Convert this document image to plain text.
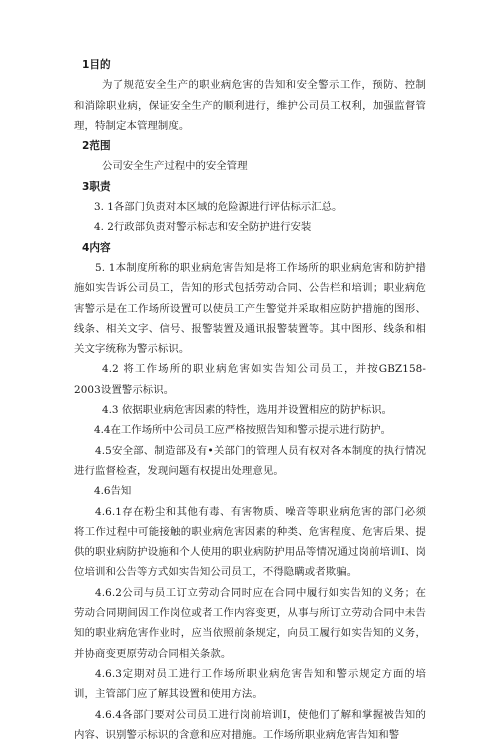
1目的

为了规范安全生产的职业病危害的告知和安全警示工作，预防、控制和消除职业病，保证安全生产的顺利进行，维护公司员工权利，加强监督管理，特制定本管理制度。

2范围

公司安全生产过程中的安全管理

3职责

3. 1各部门负责对本区域的危险源进行评估标示汇总。

4. 2行政部负责对警示标志和安全防护进行安装

4内容

5. 1本制度所称的职业病危害告知是将工作场所的职业病危害和防护措施如实告诉公司员工，告知的形式包括劳动合同、公告栏和培训；职业病危害警示是在工作场所设置可以使员工产生警觉并采取相应防护措施的图形、线条、相关文字、信号、报警装置及通讯报警装置等。其中图形、线条和相关文字统称为警示标识。

4.2 将工作场所的职业病危害如实告知公司员工，并按GBZ158-2003设置警示标识。

4.3 依据职业病危害因素的特性，选用并设置相应的防护标识。

4.4在工作场所中公司员工应严格按照告知和警示提示进行防护。

4.5安全部、制造部及有•关部门的管理人员有权对各本制度的执行情况进行监督检查，发现问题有权提出处理意见。

4.6告知

4.6.1存在粉尘和其他有毒、有害物质、噪音等职业病危害的部门必须将工作过程中可能接触的职业病危害因素的种类、危害程度、危害后果、提供的职业病防护设施和个人使用的职业病防护用品等情况通过岗前培训Ⅰ、岗位培训和公告等方式如实告知公司员工，不得隐瞒或者欺骗。

4.6.2公司与员工订立劳动合同时应在合同中履行如实告知的义务；在劳动合同期间因工作岗位或者工作内容变更，从事与所订立劳动合同中未告知的职业病危害作业时，应当依照前条规定，向员工履行如实告知的义务，并协商变更原劳动合同相关条款。

4.6.3定期对员工进行工作场所职业病危害告知和警示规定方面的培训，主管部门应了解其设置和使用方法。

4.6.4各部门要对公司员工进行岗前培训Ⅰ，使他们了解和掌握被告知的内容、识别警示标识的含意和应对措施。工作场所职业病危害告知和警
